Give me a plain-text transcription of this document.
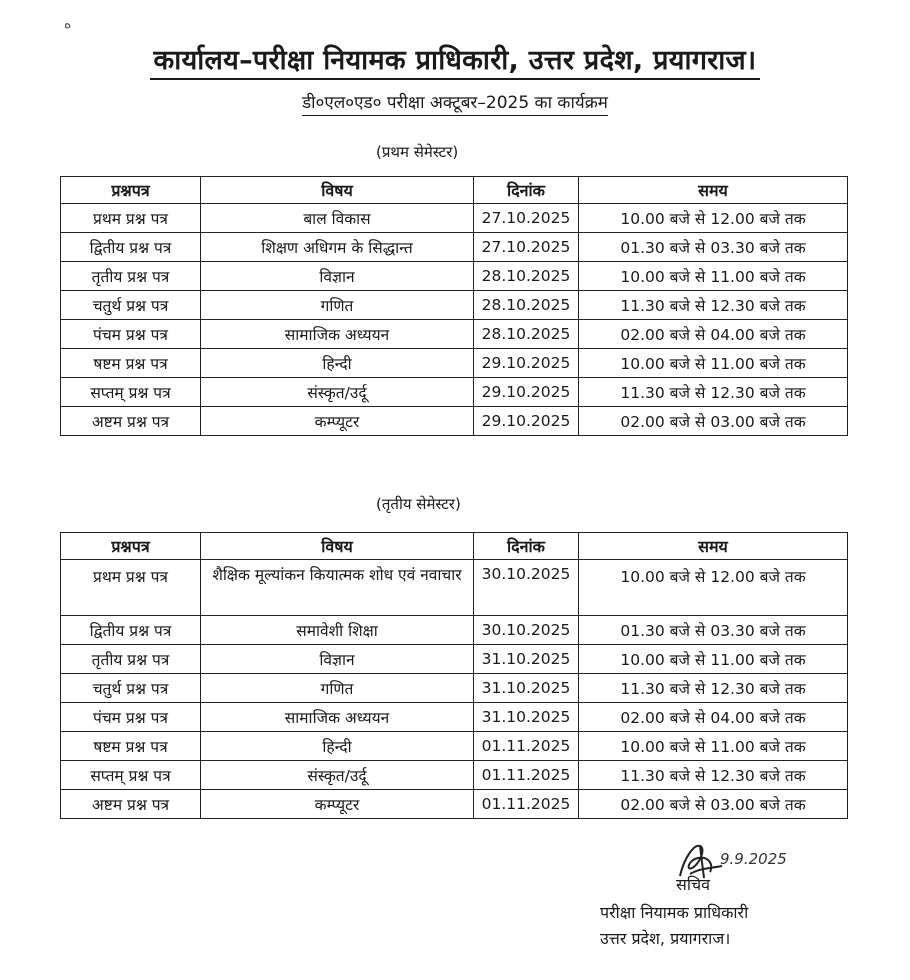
ه
कार्यालय–परीक्षा नियामक प्राधिकारी, उत्तर प्रदेश, प्रयागराज।
डी०एल०एड० परीक्षा अक्टूबर–2025 का कार्यक्रम
(प्रथम सेमेस्टर)
प्रश्नपत्र	विषय	दिनांक	समय
प्रथम प्रश्न पत्र	बाल विकास	27.10.2025	10.00 बजे से 12.00 बजे तक
द्वितीय प्रश्न पत्र	शिक्षण अधिगम के सिद्धान्त	27.10.2025	01.30 बजे से 03.30 बजे तक
तृतीय प्रश्न पत्र	विज्ञान	28.10.2025	10.00 बजे से 11.00 बजे तक
चतुर्थ प्रश्न पत्र	गणित	28.10.2025	11.30 बजे से 12.30 बजे तक
पंचम प्रश्न पत्र	सामाजिक अध्ययन	28.10.2025	02.00 बजे से 04.00 बजे तक
षष्टम प्रश्न पत्र	हिन्दी	29.10.2025	10.00 बजे से 11.00 बजे तक
सप्तम् प्रश्न पत्र	संस्कृत/उर्दू	29.10.2025	11.30 बजे से 12.30 बजे तक
अष्टम प्रश्न पत्र	कम्प्यूटर	29.10.2025	02.00 बजे से 03.00 बजे तक
(तृतीय सेमेस्टर)
प्रश्नपत्र	विषय	दिनांक	समय
प्रथम प्रश्न पत्र	शैक्षिक मूल्यांकन कियात्मक शोध एवं नवाचार	30.10.2025	10.00 बजे से 12.00 बजे तक
द्वितीय प्रश्न पत्र	समावेशी शिक्षा	30.10.2025	01.30 बजे से 03.30 बजे तक
तृतीय प्रश्न पत्र	विज्ञान	31.10.2025	10.00 बजे से 11.00 बजे तक
चतुर्थ प्रश्न पत्र	गणित	31.10.2025	11.30 बजे से 12.30 बजे तक
पंचम प्रश्न पत्र	सामाजिक अध्ययन	31.10.2025	02.00 बजे से 04.00 बजे तक
षष्टम प्रश्न पत्र	हिन्दी	01.11.2025	10.00 बजे से 11.00 बजे तक
सप्तम् प्रश्न पत्र	संस्कृत/उर्दू	01.11.2025	11.30 बजे से 12.30 बजे तक
अष्टम प्रश्न पत्र	कम्प्यूटर	01.11.2025	02.00 बजे से 03.00 बजे तक
9.9.2025
सचिव
परीक्षा नियामक प्राधिकारी
उत्तर प्रदेश, प्रयागराज।
